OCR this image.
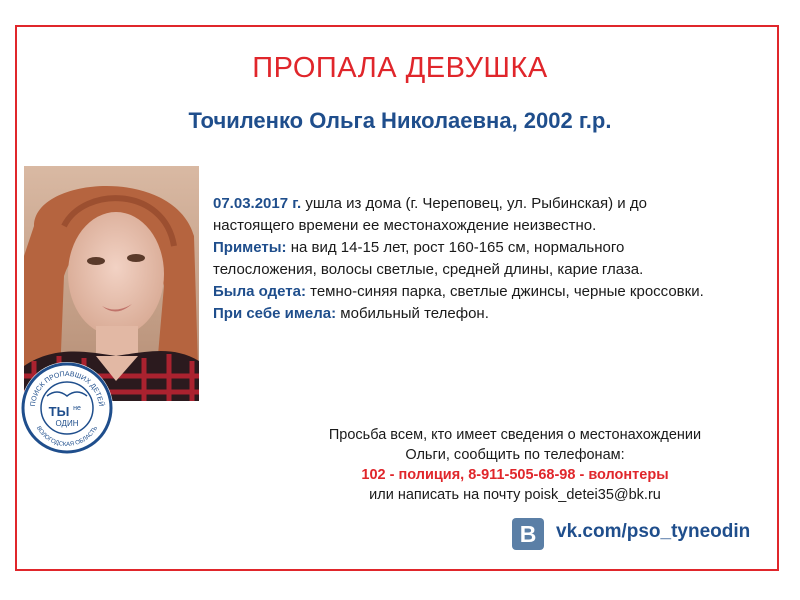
ПРОПАЛА ДЕВУШКА
Точиленко Ольга Николаевна, 2002 г.р.
ПОИСК ПРОПАВШИХ ДЕТЕЙ
ВОЛОГОДСКАЯ ОБЛАСТЬ
ТЫ не
ОДИН

07.03.2017 г. ушла из дома (г. Череповец, ул. Рыбинская) и до

настоящего времени ее местонахождение неизвестно.

Приметы: на вид 14-15 лет, рост 160-165 см, нормального

телосложения, волосы светлые, средней длины, карие глаза.

Была одета: темно-синяя парка, светлые джинсы, черные кроссовки.

При себе имела: мобильный телефон.

Просьба всем, кто имеет сведения о местонахождении

Ольги, сообщить по телефонам:

102 - полиция, 8-911-505-68-98 - волонтеры

или написать на почту poisk_detei35@bk.ru

B	vk.com/pso_tyneodin
